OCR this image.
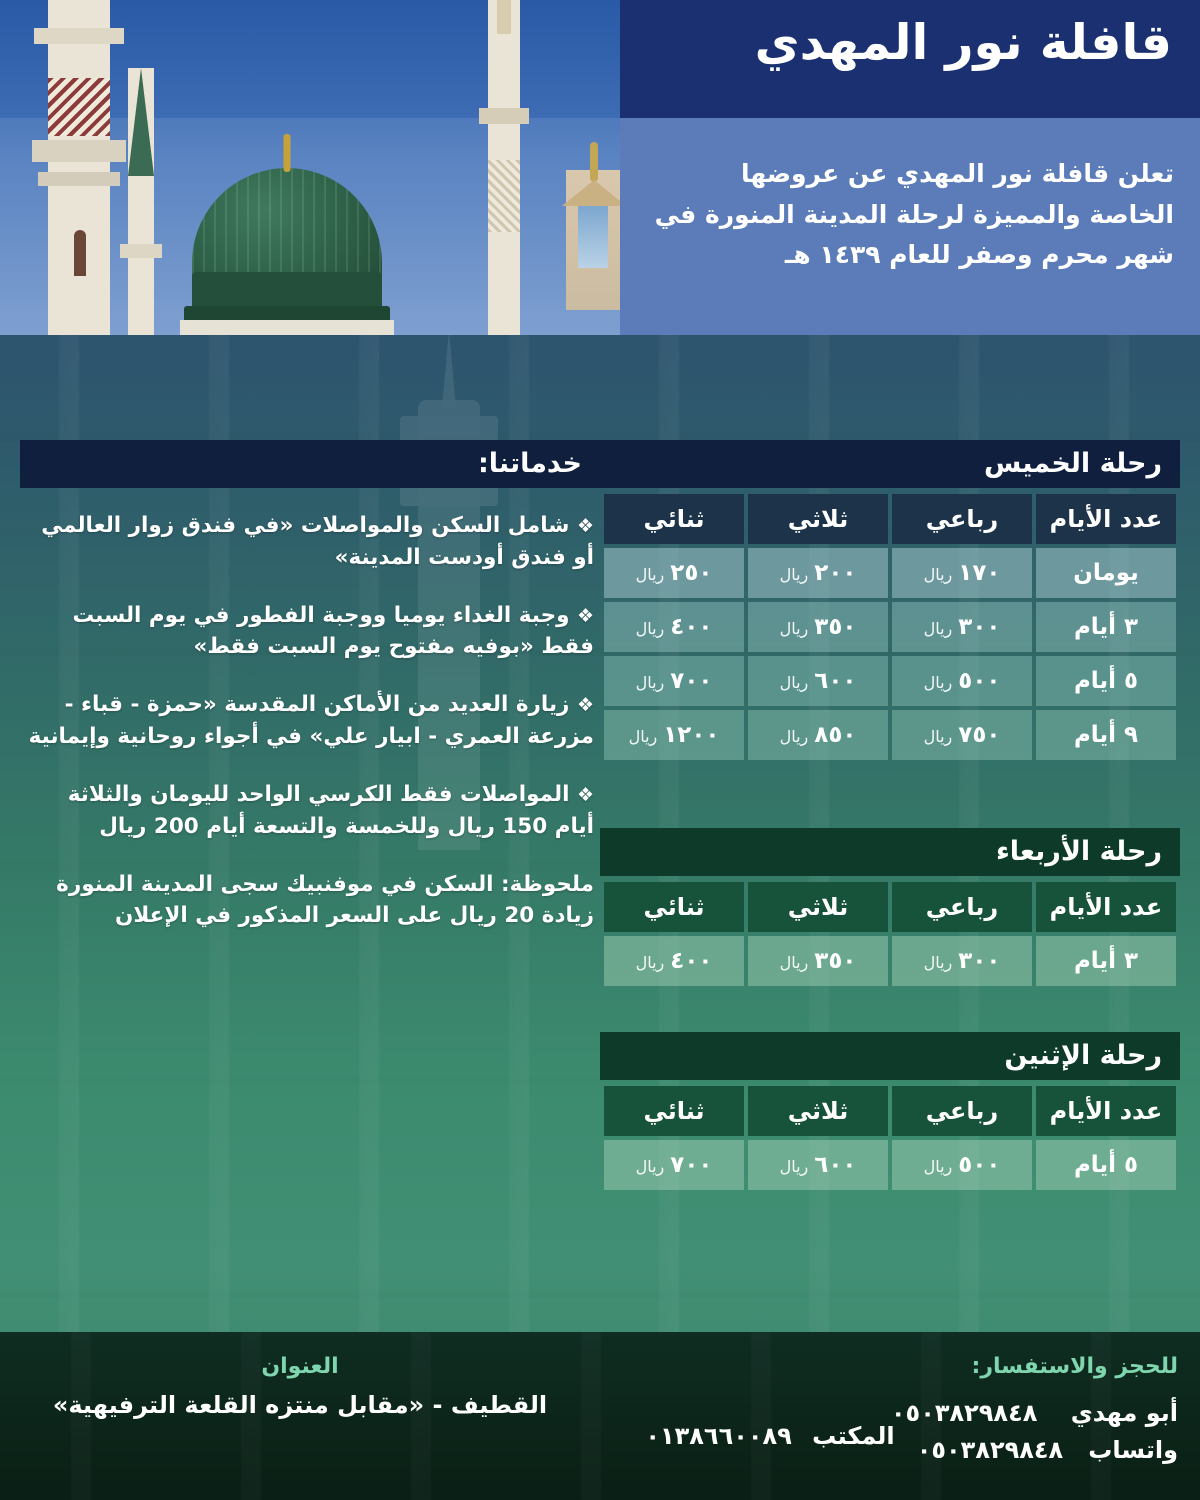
قافلة نور المهدي

تعلن قافلة نور المهدي عن عروضها الخاصة والمميزة لرحلة المدينة المنورة في شهر محرم وصفر للعام ١٤٣٩ هـ

خدماتنا:

❖ شامل السكن والمواصلات «في فندق زوار العالمي أو فندق أودست المدينة»

❖ وجبة الغداء يوميا ووجبة الفطور في يوم السبت فقط «بوفيه مفتوح يوم السبت فقط»

❖ زيارة العديد من الأماكن المقدسة «حمزة - قباء - مزرعة العمري - ابيار علي» في أجواء روحانية وإيمانية

❖ المواصلات فقط الكرسي الواحد لليومان والثلاثة أيام 150 ريال وللخمسة والتسعة أيام 200 ريال

ملحوظة: السكن في موفنبيك سجى المدينة المنورة زيادة 20 ريال على السعر المذكور في الإعلان

رحلة الخميس
عدد الأيام	رباعي	ثلاثي	ثنائي
يومان	١٧٠ريال	٢٠٠ريال	٢٥٠ريال
٣ أيام	٣٠٠ريال	٣٥٠ريال	٤٠٠ريال
٥ أيام	٥٠٠ريال	٦٠٠ريال	٧٠٠ريال
٩ أيام	٧٥٠ريال	٨٥٠ريال	١٢٠٠ريال
رحلة الأربعاء
عدد الأيام	رباعي	ثلاثي	ثنائي
٣ أيام	٣٠٠ريال	٣٥٠ريال	٤٠٠ريال
رحلة الإثنين
عدد الأيام	رباعي	ثلاثي	ثنائي
٥ أيام	٥٠٠ريال	٦٠٠ريال	٧٠٠ريال
للحجز والاستفسار:
أبو مهدي    ٠٥٠٣٨٢٩٨٤٨
واتساب   ٠٥٠٣٨٢٩٨٤٨
المكتب    ٠١٣٨٦٦٠٠٨٩
العنوان
القطيف - «مقابل منتزه القلعة الترفيهية»
